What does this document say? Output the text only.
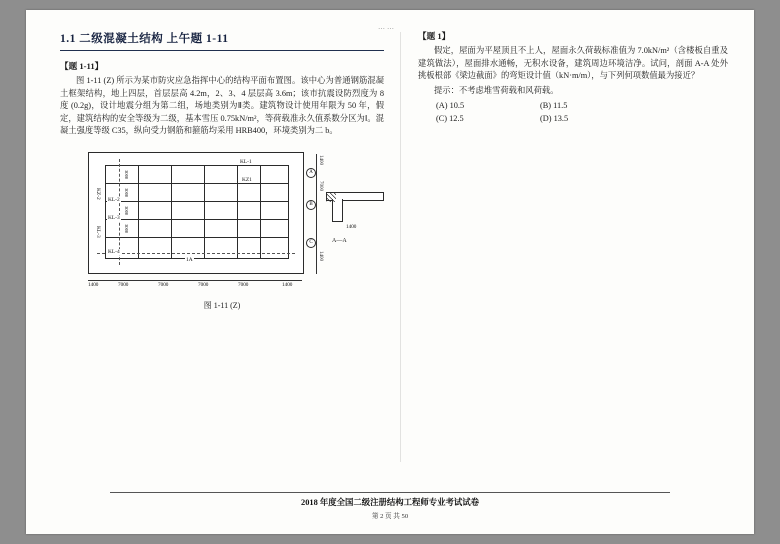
……
1.1 二级混凝土结构 上午题 1-11
【题 1-11】

图 1-11 (Z) 所示为某市防灾应急指挥中心的结构平面布置图。该中心为普通钢筋混凝土框架结构，地上四层，首层层高 4.2m，2、3、4 层层高 3.6m；该市抗震设防烈度为 8 度 (0.2g)，设计地震分组为第二组，场地类别为Ⅱ类。建筑物设计使用年限为 50 年，假定，建筑结构的安全等级为二级，基本雪压 0.75kN/m²，等荷载准永久值系数分区为Ⅰ。混凝土强度等级 C35，纵向受力钢筋和箍筋均采用 HRB400，环境类别为二 b。

KL-1
KZ1
KL-2
KL-3
KL-4
KZ-2
KL-3
3000
3000
3000
3000
1A
1400	7000	7000	7000	7000	1400
1400
7000
1400
A
B
C
1400
A—A
图 1-11 (Z)
【题 1】

假定，屋面为平屋顶且不上人，屋面永久荷载标准值为 7.0kN/m²（含楼板自重及建筑做法），屋面排水通畅，无积水设备，建筑周边环境洁净。试问，剖面 A-A 处外挑板根部《梁边截面》的弯矩设计值（kN·m/m），与下列何项数值最为接近？

提示：不考虑堆雪荷载和风荷载。

(A) 10.5	(B) 11.5
(C) 12.5	(D) 13.5
2018 年度全国二级注册结构工程师专业考试试卷
第 2 页 共 50
